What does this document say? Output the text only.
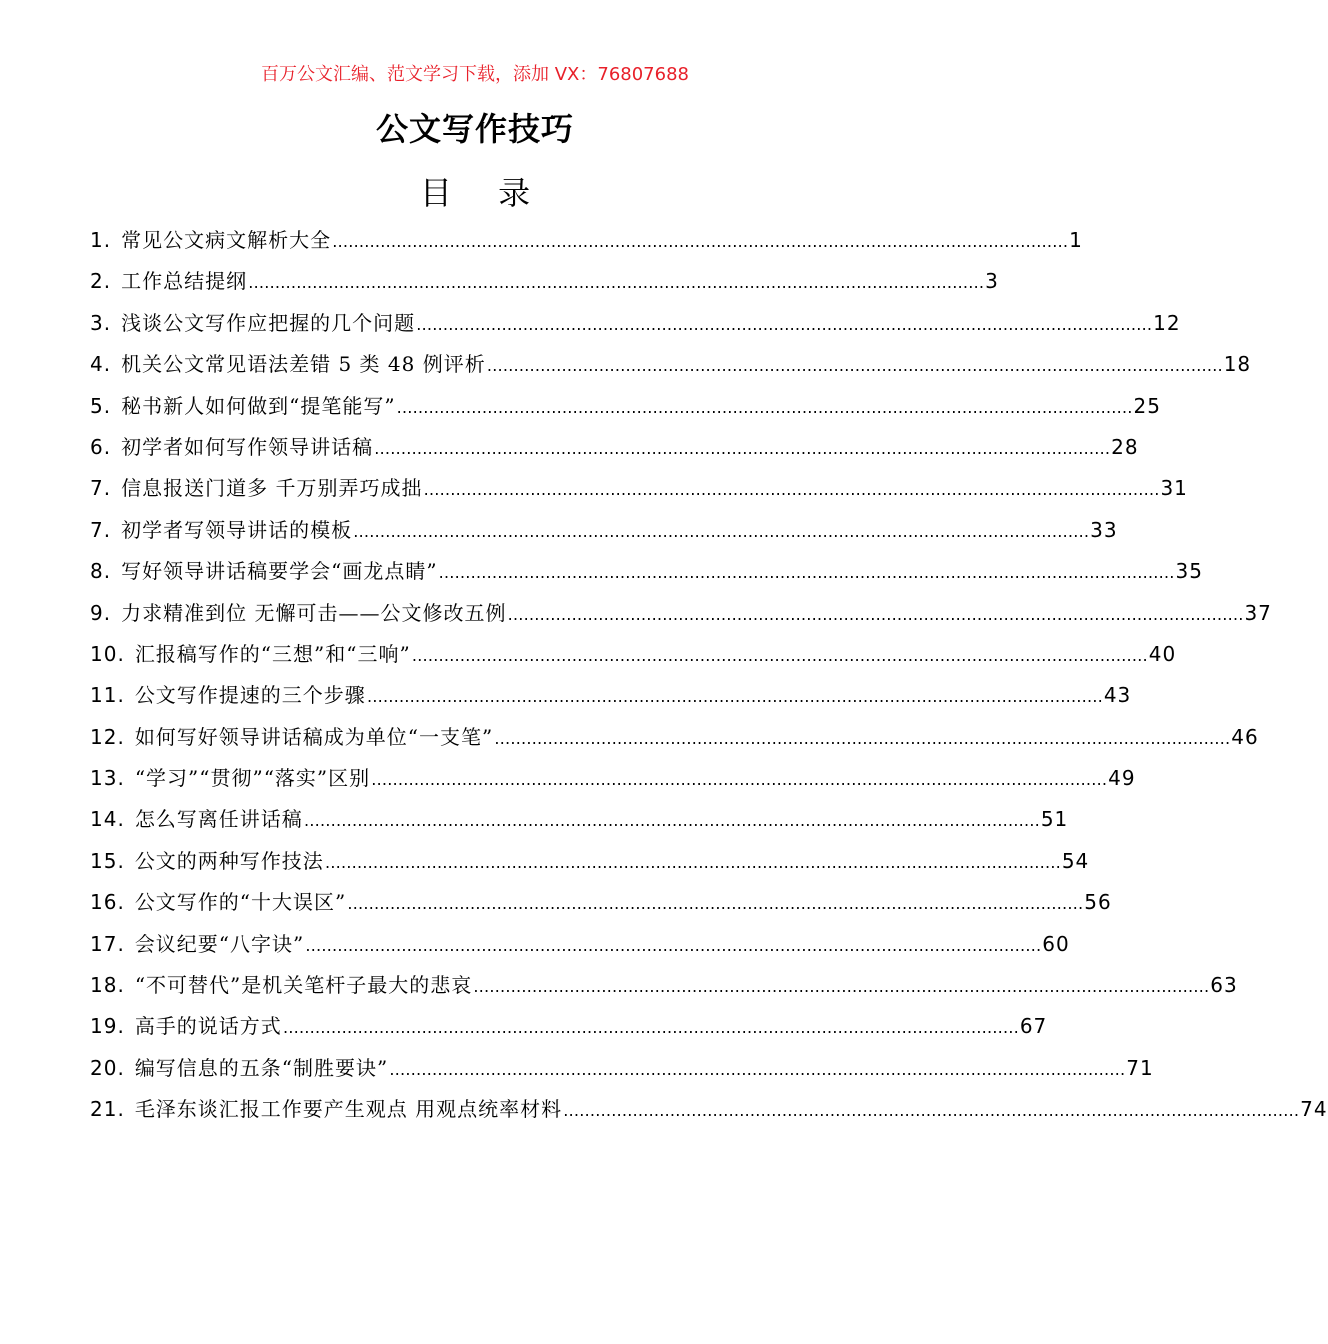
百万公文汇编、范文学习下载，添加 VX：76807688
公文写作技巧
目 录
1. 常见公文病文解析大全 ………………………………………………………………………………………………………………………… 1
2. 工作总结提纲 ………………………………………………………………………………………………………………………… 3
3. 浅谈公文写作应把握的几个问题 ………………………………………………………………………………………………………………………… 12
4. 机关公文常见语法差错 5 类 48 例评析 ………………………………………………………………………………………………………………………… 18
5. 秘书新人如何做到“提笔能写” ………………………………………………………………………………………………………………………… 25
6. 初学者如何写作领导讲话稿 ………………………………………………………………………………………………………………………… 28
7. 信息报送门道多 千万别弄巧成拙 ………………………………………………………………………………………………………………………… 31
7. 初学者写领导讲话的模板 ………………………………………………………………………………………………………………………… 33
8. 写好领导讲话稿要学会“画龙点睛” ………………………………………………………………………………………………………………………… 35
9. 力求精准到位 无懈可击——公文修改五例 ………………………………………………………………………………………………………………………… 37
10. 汇报稿写作的“三想”和“三响” ………………………………………………………………………………………………………………………… 40
11. 公文写作提速的三个步骤 ………………………………………………………………………………………………………………………… 43
12. 如何写好领导讲话稿成为单位“一支笔” ………………………………………………………………………………………………………………………… 46
13. “学习”“贯彻”“落实”区别 ………………………………………………………………………………………………………………………… 49
14. 怎么写离任讲话稿 ………………………………………………………………………………………………………………………… 51
15. 公文的两种写作技法 ………………………………………………………………………………………………………………………… 54
16. 公文写作的“十大误区” ………………………………………………………………………………………………………………………… 56
17. 会议纪要“八字诀” ………………………………………………………………………………………………………………………… 60
18. “不可替代”是机关笔杆子最大的悲哀 ………………………………………………………………………………………………………………………… 63
19. 高手的说话方式 ………………………………………………………………………………………………………………………… 67
20. 编写信息的五条“制胜要诀” ………………………………………………………………………………………………………………………… 71
21. 毛泽东谈汇报工作要产生观点 用观点统率材料 ………………………………………………………………………………………………………………………… 74
